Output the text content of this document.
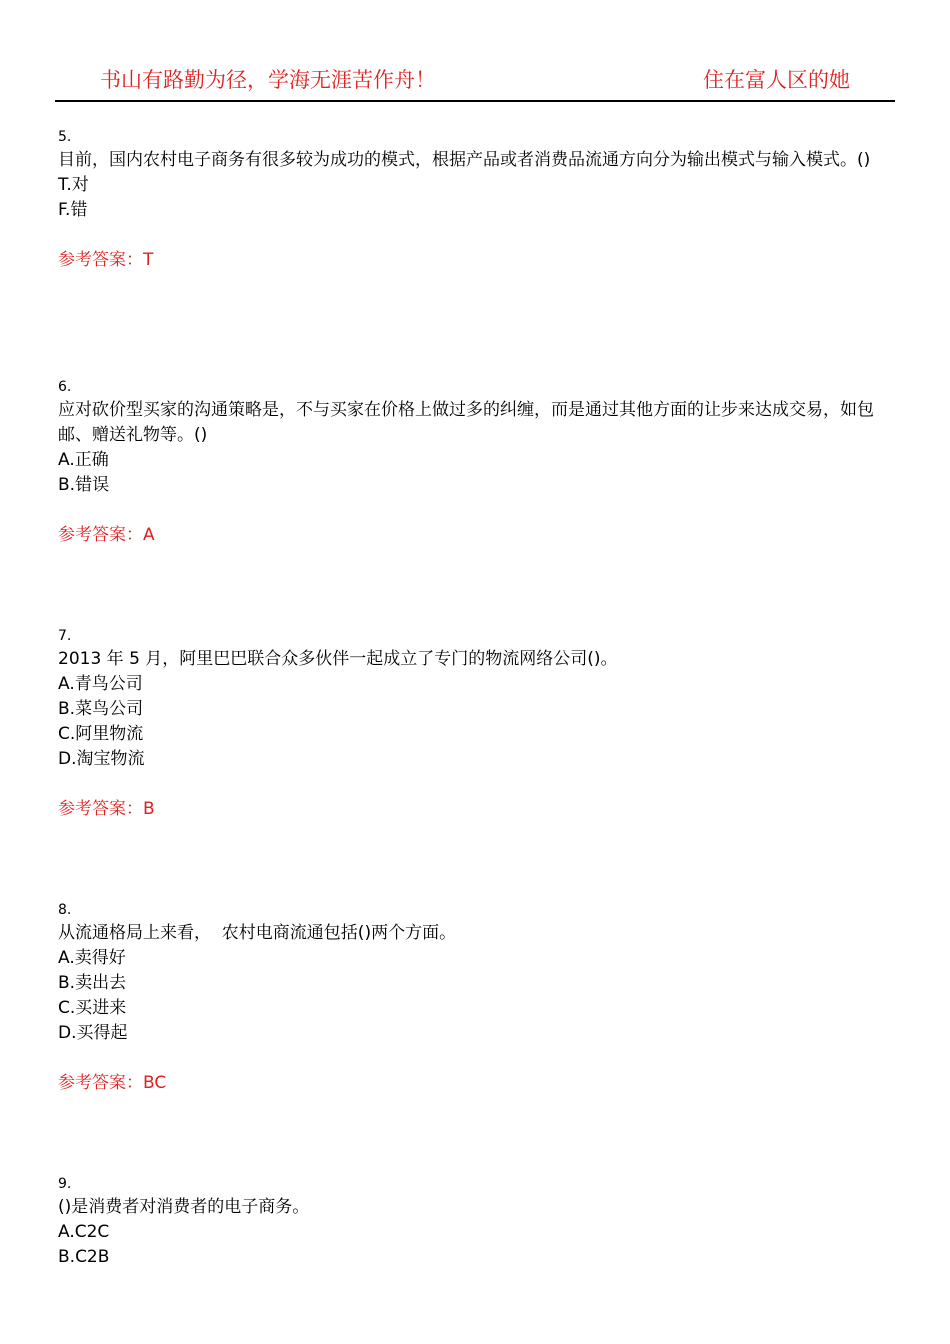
书山有路勤为径，学海无涯苦作舟！	住在富人区的她
5.
目前，国内农村电子商务有很多较为成功的模式，根据产品或者消费品流通方向分为输出模式与输入模式。()
T.对
F.错
参考答案：T
6.
应对砍价型买家的沟通策略是，不与买家在价格上做过多的纠缠，而是通过其他方面的让步来达成交易，如包邮、赠送礼物等。()
A.正确
B.错误
参考答案：A
7.
2013 年 5 月，阿里巴巴联合众多伙伴一起成立了专门的物流网络公司()。
A.青鸟公司
B.菜鸟公司
C.阿里物流
D.淘宝物流
参考答案：B
8.
从流通格局上来看，  农村电商流通包括()两个方面。
A.卖得好
B.卖出去
C.买进来
D.买得起
参考答案：BC
9.
()是消费者对消费者的电子商务。
A.C2C
B.C2B
